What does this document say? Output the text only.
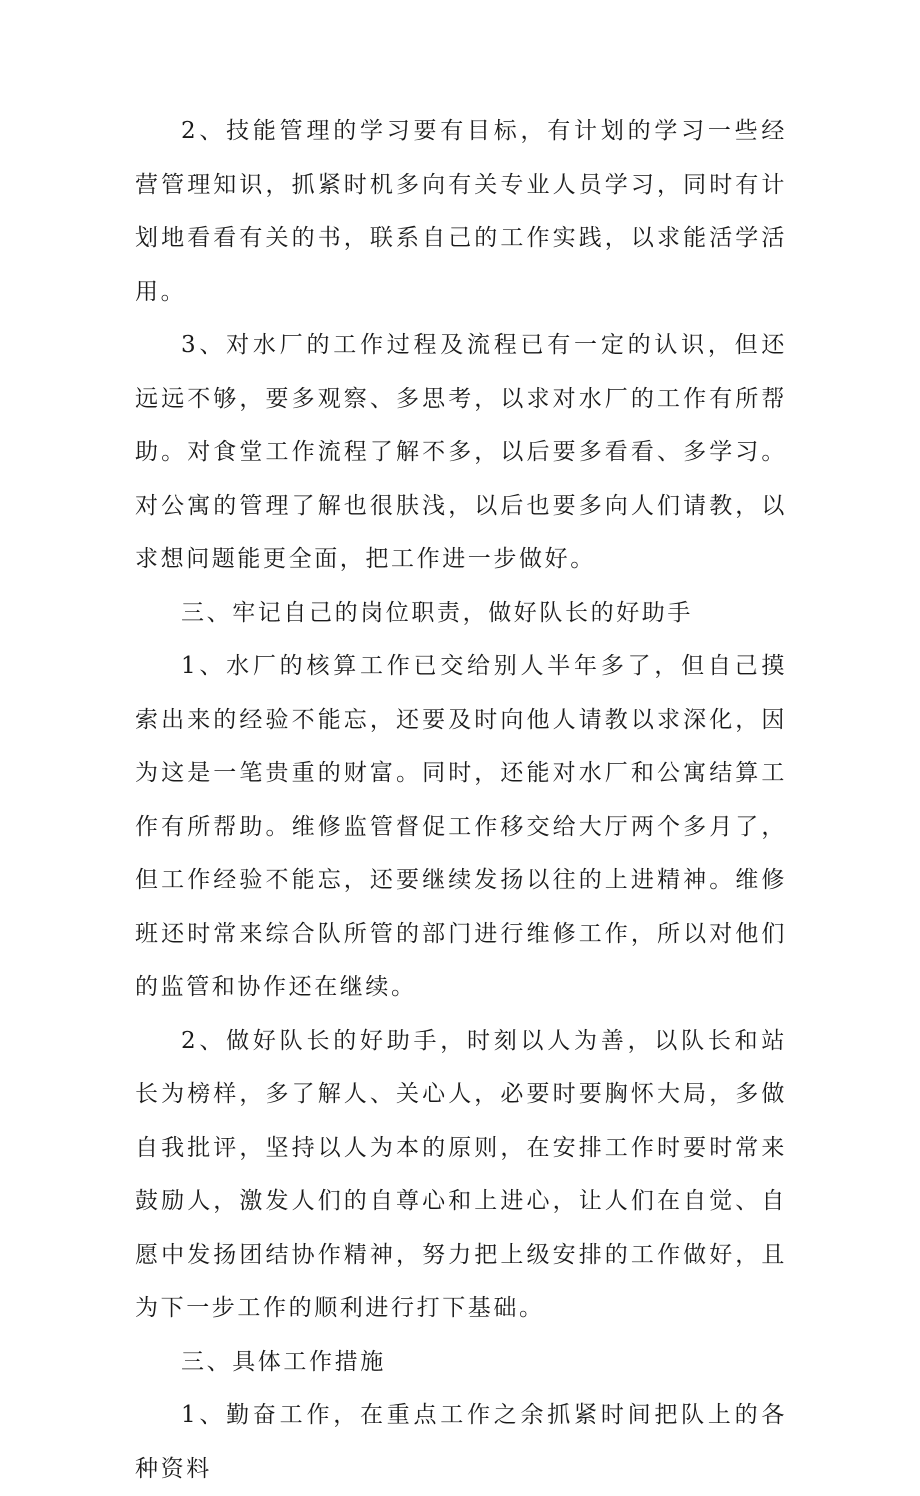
2、技能管理的学习要有目标，有计划的学习一些经营管理知识，抓紧时机多向有关专业人员学习，同时有计划地看看有关的书，联系自己的工作实践，以求能活学活用。

3、对水厂的工作过程及流程已有一定的认识，但还远远不够，要多观察、多思考，以求对水厂的工作有所帮助。对食堂工作流程了解不多，以后要多看看、多学习。对公寓的管理了解也很肤浅，以后也要多向人们请教，以求想问题能更全面，把工作进一步做好。

三、牢记自己的岗位职责，做好队长的好助手

1、水厂的核算工作已交给别人半年多了，但自己摸索出来的经验不能忘，还要及时向他人请教以求深化，因为这是一笔贵重的财富。同时，还能对水厂和公寓结算工作有所帮助。维修监管督促工作移交给大厅两个多月了，但工作经验不能忘，还要继续发扬以往的上进精神。维修班还时常来综合队所管的部门进行维修工作，所以对他们的监管和协作还在继续。

2、做好队长的好助手，时刻以人为善，以队长和站长为榜样，多了解人、关心人，必要时要胸怀大局，多做自我批评，坚持以人为本的原则，在安排工作时要时常来鼓励人，激发人们的自尊心和上进心，让人们在自觉、自愿中发扬团结协作精神，努力把上级安排的工作做好，且为下一步工作的顺利进行打下基础。

三、具体工作措施

1、勤奋工作，在重点工作之余抓紧时间把队上的各种资料
